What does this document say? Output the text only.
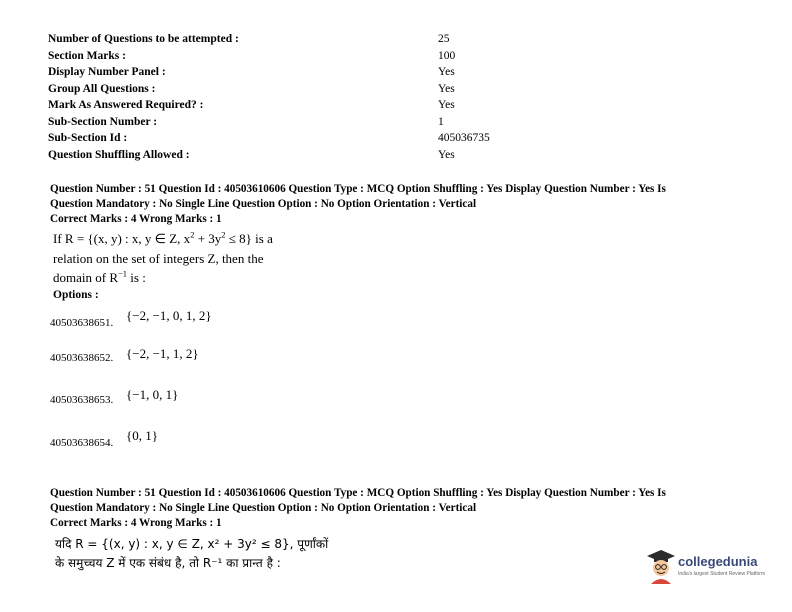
Number of Questions to be attempted :	25
Section Marks :	100
Display Number Panel :	Yes
Group All Questions :	Yes
Mark As Answered Required? :	Yes
Sub-Section Number :	1
Sub-Section Id :	405036735
Question Shuffling Allowed :	Yes
Question Number : 51 Question Id : 40503610606 Question Type : MCQ Option Shuffling : Yes Display Question Number : Yes Is
Question Mandatory : No Single Line Question Option : No Option Orientation : Vertical
Correct Marks : 4 Wrong Marks : 1
If R = {(x, y) : x, y ∈ Z, $x^2 + 3y^2 \le 8$} is a
relation on the set of integers Z, then the
domain of $R^{-1}$ is :
Options :
40503638651. {−2, −1, 0, 1, 2}
40503638652. {−2, −1, 1, 2}
40503638653. {−1, 0, 1}
40503638654. {0, 1}
Question Number : 51 Question Id : 40503610606 Question Type : MCQ Option Shuffling : Yes Display Question Number : Yes Is
Question Mandatory : No Single Line Question Option : No Option Orientation : Vertical
Correct Marks : 4 Wrong Marks : 1
यदि R = {(x, y) : x, y ∈ Z, x² + 3y² ≤ 8}, पूर्णांकों
के समुच्चय Z में एक संबंध है, तो R⁻¹ का प्रान्त है :	collegedunia
India's largest Student Review Platform
